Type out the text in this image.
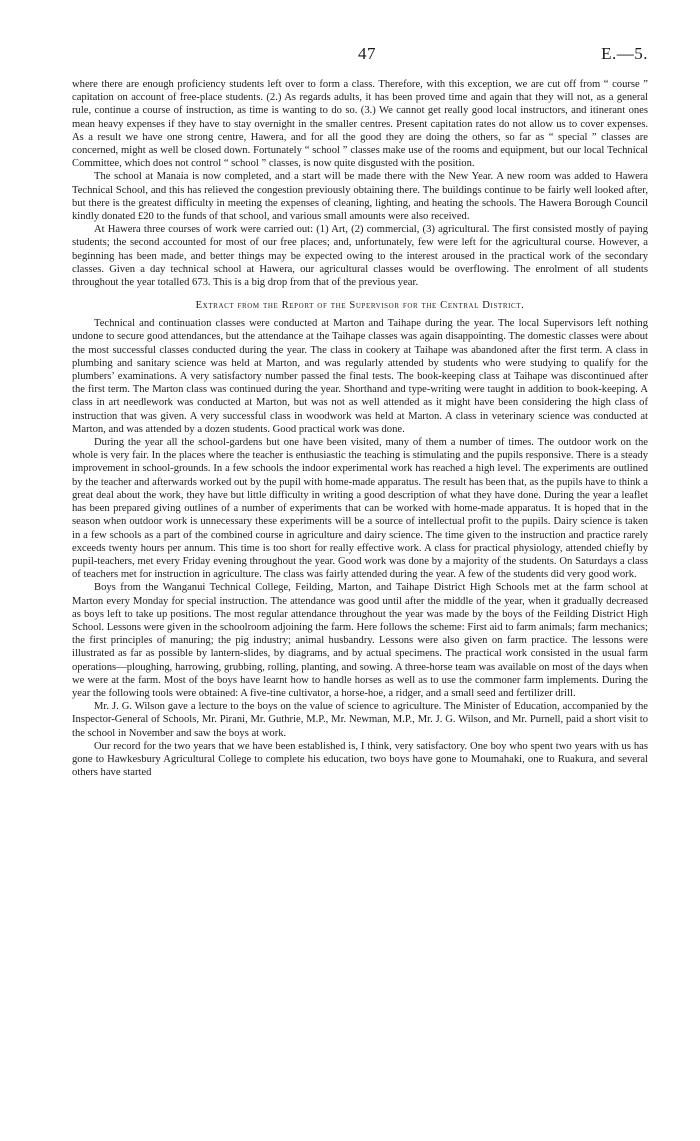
47	E.—5.

where there are enough proficiency students left over to form a class. Therefore, with this exception, we are cut off from “ course ” capitation on account of free-place students. (2.) As regards adults, it has been proved time and again that they will not, as a general rule, continue a course of instruction, as time is wanting to do so. (3.) We cannot get really good local instructors, and itinerant ones mean heavy expenses if they have to stay overnight in the smaller centres. Present capitation rates do not allow us to cover expenses. As a result we have one strong centre, Hawera, and for all the good they are doing the others, so far as “ special ” classes are concerned, might as well be closed down. Fortunately “ school ” classes make use of the rooms and equipment, but our local Technical Committee, which does not control “ school ” classes, is now quite disgusted with the position.

The school at Manaia is now completed, and a start will be made there with the New Year. A new room was added to Hawera Technical School, and this has relieved the congestion previously obtaining there. The buildings continue to be fairly well looked after, but there is the greatest difficulty in meeting the expenses of cleaning, lighting, and heating the schools. The Hawera Borough Council kindly donated £20 to the funds of that school, and various small amounts were also received.

At Hawera three courses of work were carried out: (1) Art, (2) commercial, (3) agricultural. The first consisted mostly of paying students; the second accounted for most of our free places; and, unfortunately, few were left for the agricultural course. However, a beginning has been made, and better things may be expected owing to the interest aroused in the practical work of the secondary classes. Given a day technical school at Hawera, our agricultural classes would be overflowing. The enrolment of all students throughout the year totalled 673. This is a big drop from that of the previous year.

Extract from the Report of the Supervisor for the Central District.

Technical and continuation classes were conducted at Marton and Taihape during the year. The local Supervisors left nothing undone to secure good attendances, but the attendance at the Taihape classes was again disappointing. The domestic classes were about the most successful classes conducted during the year. The class in cookery at Taihape was abandoned after the first term. A class in plumbing and sanitary science was held at Marton, and was regularly attended by students who were studying to qualify for the plumbers’ examinations. A very satisfactory number passed the final tests. The book-keeping class at Taihape was discontinued after the first term. The Marton class was continued during the year. Shorthand and type-writing were taught in addition to book-keeping. A class in art needlework was conducted at Marton, but was not as well attended as it might have been considering the high class of instruction that was given. A very successful class in woodwork was held at Marton. A class in veterinary science was conducted at Marton, and was attended by a dozen students. Good practical work was done.

During the year all the school-gardens but one have been visited, many of them a number of times. The outdoor work on the whole is very fair. In the places where the teacher is enthusiastic the teaching is stimulating and the pupils responsive. There is a steady improvement in school-grounds. In a few schools the indoor experimental work has reached a high level. The experiments are outlined by the teacher and afterwards worked out by the pupil with home-made apparatus. The result has been that, as the pupils have to think a great deal about the work, they have but little difficulty in writing a good description of what they have done. During the year a leaflet has been prepared giving outlines of a number of experiments that can be worked with home-made apparatus. It is hoped that in the season when outdoor work is unnecessary these experiments will be a source of intellectual profit to the pupils. Dairy science is taken in a few schools as a part of the combined course in agriculture and dairy science. The time given to the instruction and practice rarely exceeds twenty hours per annum. This time is too short for really effective work. A class for practical physiology, attended chiefly by pupil-teachers, met every Friday evening throughout the year. Good work was done by a majority of the students. On Saturdays a class of teachers met for instruction in agriculture. The class was fairly attended during the year. A few of the students did very good work.

Boys from the Wanganui Technical College, Feilding, Marton, and Taihape District High Schools met at the farm school at Marton every Monday for special instruction. The attendance was good until after the middle of the year, when it gradually decreased as boys left to take up positions. The most regular attendance throughout the year was made by the boys of the Feilding District High School. Lessons were given in the schoolroom adjoining the farm. Here follows the scheme: First aid to farm animals; farm mechanics; the first principles of manuring; the pig industry; animal husbandry. Lessons were also given on farm practice. The lessons were illustrated as far as possible by lantern-slides, by diagrams, and by actual specimens. The practical work consisted in the usual farm operations—ploughing, harrowing, grubbing, rolling, planting, and sowing. A three-horse team was available on most of the days when we were at the farm. Most of the boys have learnt how to handle horses as well as to use the commoner farm implements. During the year the following tools were obtained: A five-tine cultivator, a horse-hoe, a ridger, and a small seed and fertilizer drill.

Mr. J. G. Wilson gave a lecture to the boys on the value of science to agriculture. The Minister of Education, accompanied by the Inspector-General of Schools, Mr. Pirani, Mr. Guthrie, M.P., Mr. Newman, M.P., Mr. J. G. Wilson, and Mr. Purnell, paid a short visit to the school in November and saw the boys at work.

Our record for the two years that we have been established is, I think, very satisfactory. One boy who spent two years with us has gone to Hawkesbury Agricultural College to complete his education, two boys have gone to Moumahaki, one to Ruakura, and several others have started
